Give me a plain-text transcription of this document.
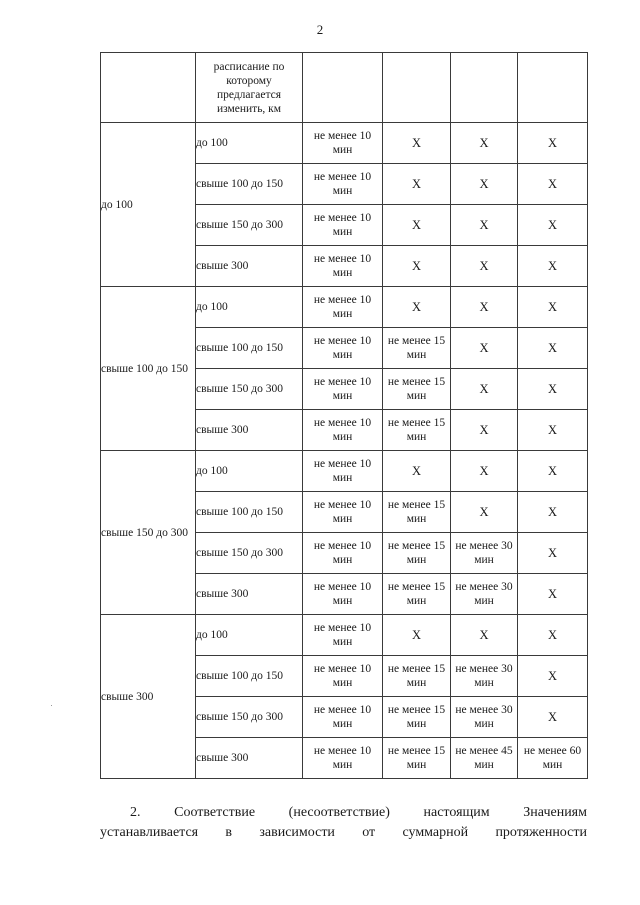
2
	расписание по которому предлагается изменить, км				
до 100	до 100	не менее 10 мин	X	X	X
	свыше 100 до 150	не менее 10 мин	X	X	X
	свыше 150 до 300	не менее 10 мин	X	X	X
	свыше 300	не менее 10 мин	X	X	X
свыше 100 до 150	до 100	не менее 10 мин	X	X	X
	свыше 100 до 150	не менее 10 мин	не менее 15 мин	X	X
	свыше 150 до 300	не менее 10 мин	не менее 15 мин	X	X
	свыше 300	не менее 10 мин	не менее 15 мин	X	X
свыше 150 до 300	до 100	не менее 10 мин	X	X	X
	свыше 100 до 150	не менее 10 мин	не менее 15 мин	X	X
	свыше 150 до 300	не менее 10 мин	не менее 15 мин	не менее 30 мин	X
	свыше 300	не менее 10 мин	не менее 15 мин	не менее 30 мин	X
свыше 300	до 100	не менее 10 мин	X	X	X
	свыше 100 до 150	не менее 10 мин	не менее 15 мин	не менее 30 мин	X
	свыше 150 до 300	не менее 10 мин	не менее 15 мин	не менее 30 мин	X
	свыше 300	не менее 10 мин	не менее 15 мин	не менее 45 мин	не менее 60 мин
2. Соответствие (несоответствие) настоящим Значениям
устанавливается в зависимости от суммарной протяженности
